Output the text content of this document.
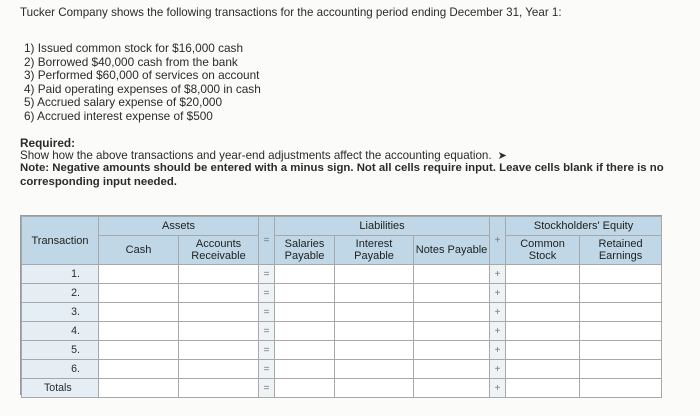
Tucker Company shows the following transactions for the accounting period ending December 31, Year 1:
1) Issued common stock for $16,000 cash
2) Borrowed $40,000 cash from the bank
3) Performed $60,000 of services on account
4) Paid operating expenses of $8,000 in cash
5) Accrued salary expense of $20,000
6) Accrued interest expense of $500
Required:
Show how the above transactions and year-end adjustments affect the accounting equation. ➤
Note: Negative amounts should be entered with a minus sign. Not all cells require input. Leave cells blank if there is no corresponding input needed.
Transaction	Assets		=	Liabilities			+	Stockholders' Equity	
	Cash	Accounts Receivable		Salaries Payable	Interest Payable	Notes Payable		Common Stock	Retained Earnings
1.			=				+		
2.			=				+		
3.			=				+		
4.			=				+		
5.			=				+		
6.			=				+		
Totals			=				+		
